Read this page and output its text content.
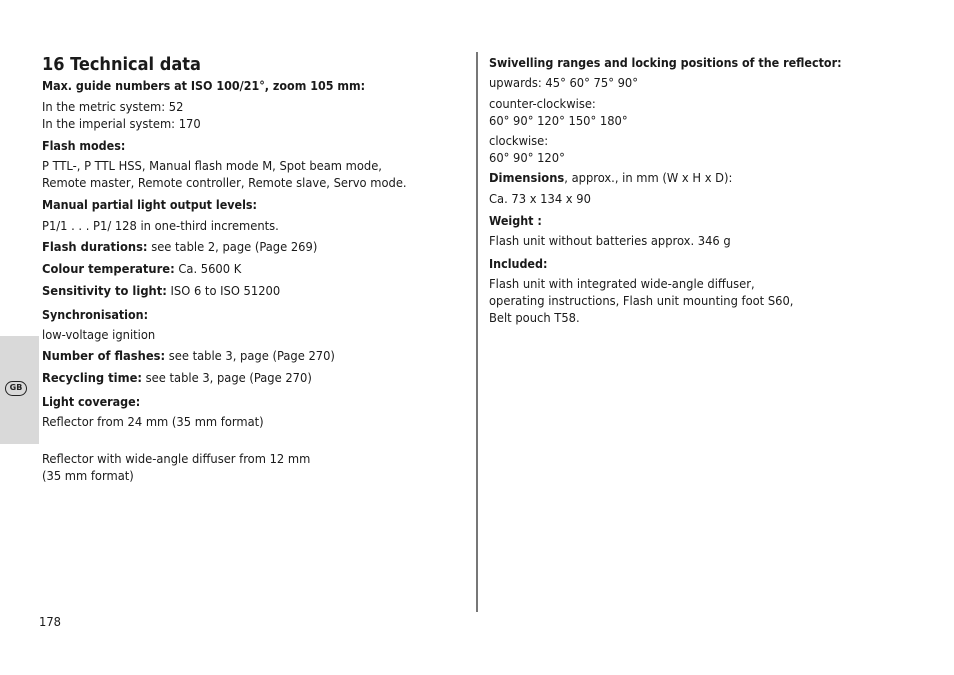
GB
16 Technical data
Max. guide numbers at ISO 100/21°, zoom 105 mm:
In the metric system: 52
In the imperial system: 170
Flash modes:
P TTL-, P TTL HSS, Manual flash mode M, Spot beam mode,
Remote master, Remote controller, Remote slave, Servo mode.
Manual partial light output levels:
P1/1 . . . P1/ 128 in one-third increments.
Flash durations: see table 2, page (Page 269)
Colour temperature: Ca. 5600 K
Sensitivity to light: ISO 6 to ISO 51200
Synchronisation:
low-voltage ignition
Number of flashes: see table 3, page (Page 270)
Recycling time: see table 3, page (Page 270)
Light coverage:
Reflector from 24 mm (35 mm format)
Reflector with wide-angle diffuser from 12 mm
(35 mm format)
Swivelling ranges and locking positions of the reflector:
upwards: 45° 60° 75° 90°
counter-clockwise:
60° 90° 120° 150° 180°
clockwise:
60° 90° 120°
Dimensions, approx., in mm (W x H x D):
Ca. 73 x 134 x 90
Weight :
Flash unit without batteries approx. 346 g
Included:
Flash unit with integrated wide-angle diffuser,
operating instructions, Flash unit mounting foot S60,
Belt pouch T58.
178
